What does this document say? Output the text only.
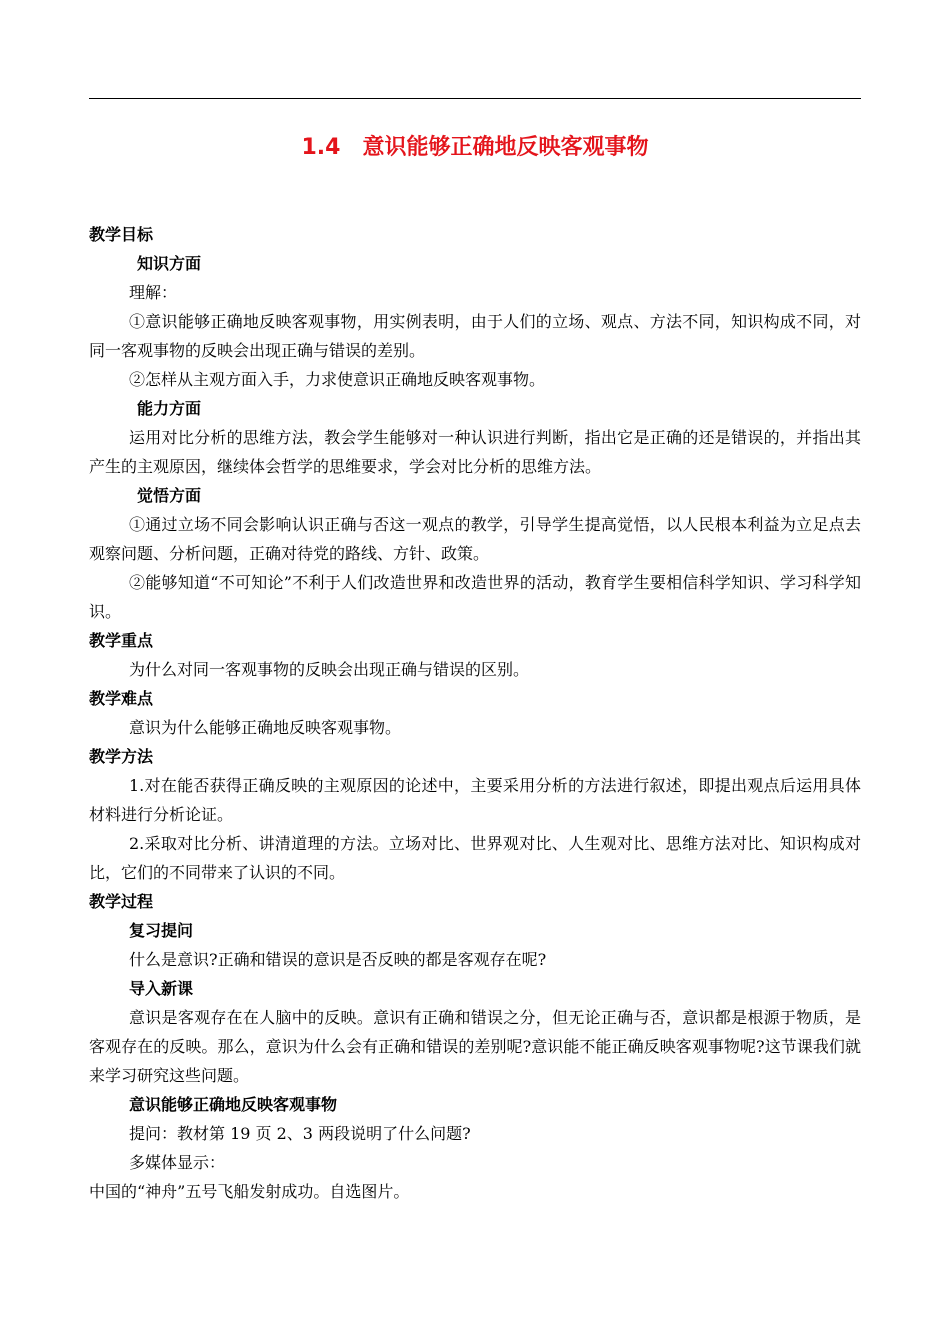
1.4　意识能够正确地反映客观事物

教学目标

知识方面

理解：

①意识能够正确地反映客观事物，用实例表明，由于人们的立场、观点、方法不同，知识构成不同，对同一客观事物的反映会出现正确与错误的差别。

②怎样从主观方面入手，力求使意识正确地反映客观事物。

能力方面

运用对比分析的思维方法，教会学生能够对一种认识进行判断，指出它是正确的还是错误的，并指出其产生的主观原因，继续体会哲学的思维要求，学会对比分析的思维方法。

觉悟方面

①通过立场不同会影响认识正确与否这一观点的教学，引导学生提高觉悟，以人民根本利益为立足点去观察问题、分析问题，正确对待党的路线、方针、政策。

②能够知道“不可知论”不利于人们改造世界和改造世界的活动，教育学生要相信科学知识、学习科学知识。

教学重点

为什么对同一客观事物的反映会出现正确与错误的区别。

教学难点

意识为什么能够正确地反映客观事物。

教学方法

1.对在能否获得正确反映的主观原因的论述中，主要采用分析的方法进行叙述，即提出观点后运用具体材料进行分析论证。

2.采取对比分析、讲清道理的方法。立场对比、世界观对比、人生观对比、思维方法对比、知识构成对比，它们的不同带来了认识的不同。

教学过程

复习提问

什么是意识?正确和错误的意识是否反映的都是客观存在呢?

导入新课

意识是客观存在在人脑中的反映。意识有正确和错误之分，但无论正确与否，意识都是根源于物质，是客观存在的反映。那么，意识为什么会有正确和错误的差别呢?意识能不能正确反映客观事物呢?这节课我们就来学习研究这些问题。

意识能够正确地反映客观事物

提问：教材第 19 页 2、3 两段说明了什么问题?

多媒体显示：

中国的“神舟”五号飞船发射成功。自选图片。
